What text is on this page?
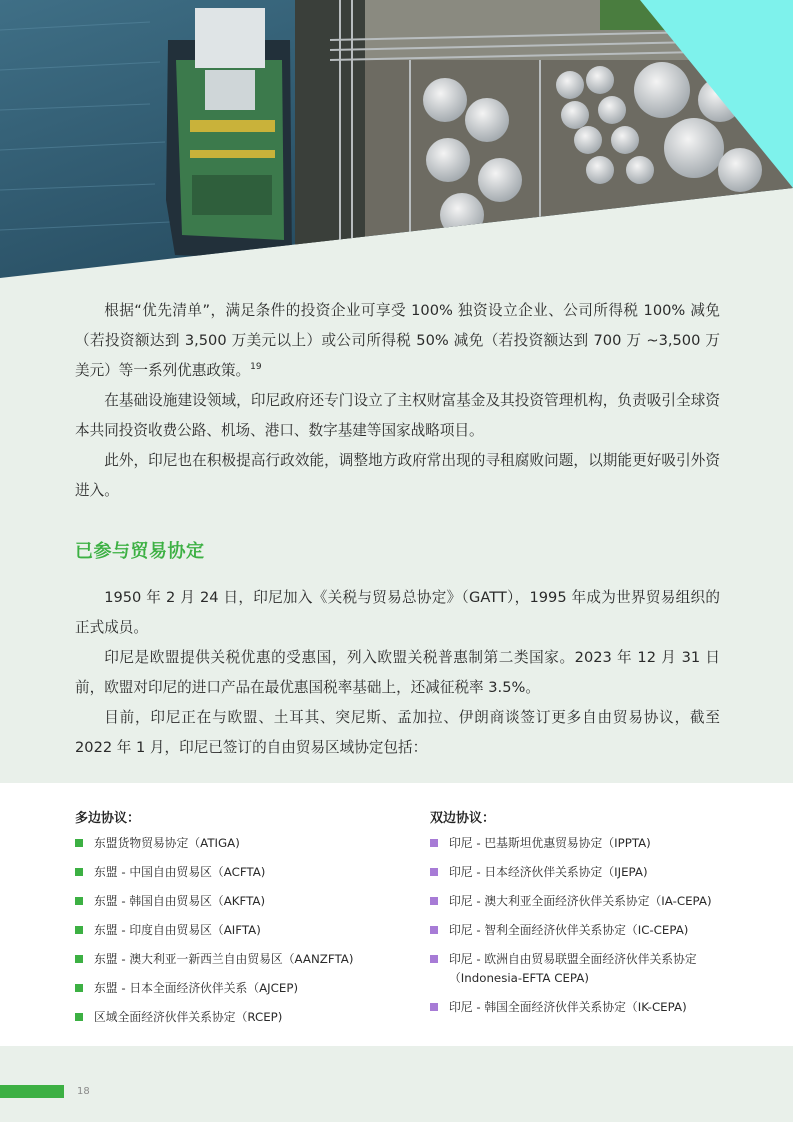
根据“优先清单”，满足条件的投资企业可享受 100% 独资设立企业、公司所得税 100% 减免（若投资额达到 3,500 万美元以上）或公司所得税 50% 减免（若投资额达到 700 万 ~3,500 万美元）等一系列优惠政策。$^{19}$

在基础设施建设领域，印尼政府还专门设立了主权财富基金及其投资管理机构，负责吸引全球资本共同投资收费公路、机场、港口、数字基建等国家战略项目。

此外，印尼也在积极提高行政效能，调整地方政府常出现的寻租腐败问题，以期能更好吸引外资进入。

已参与贸易协定

1950 年 2 月 24 日，印尼加入《关税与贸易总协定》（GATT），1995 年成为世界贸易组织的正式成员。

印尼是欧盟提供关税优惠的受惠国，列入欧盟关税普惠制第二类国家。2023 年 12 月 31 日前，欧盟对印尼的进口产品在最优惠国税率基础上，还减征税率 3.5%。

目前，印尼正在与欧盟、土耳其、突尼斯、孟加拉、伊朗商谈签订更多自由贸易协议，截至 2022 年 1 月，印尼已签订的自由贸易区域协定包括：

多边协议：
东盟货物贸易协定（ATIGA)
东盟 - 中国自由贸易区（ACFTA)
东盟 - 韩国自由贸易区（AKFTA)
东盟 - 印度自由贸易区（AIFTA)
东盟 - 澳大利亚一新西兰自由贸易区（AANZFTA)
东盟 - 日本全面经济伙伴关系（AJCEP)
区域全面经济伙伴关系协定（RCEP)
双边协议：
印尼 - 巴基斯坦优惠贸易协定（IPPTA)
印尼 - 日本经济伙伴关系协定（IJEPA)
印尼 - 澳大利亚全面经济伙伴关系协定（IA-CEPA)
印尼 - 智利全面经济伙伴关系协定（IC-CEPA)
印尼 - 欧洲自由贸易联盟全面经济伙伴关系协定（Indonesia-EFTA CEPA)
印尼 - 韩国全面经济伙伴关系协定（IK-CEPA)
18
